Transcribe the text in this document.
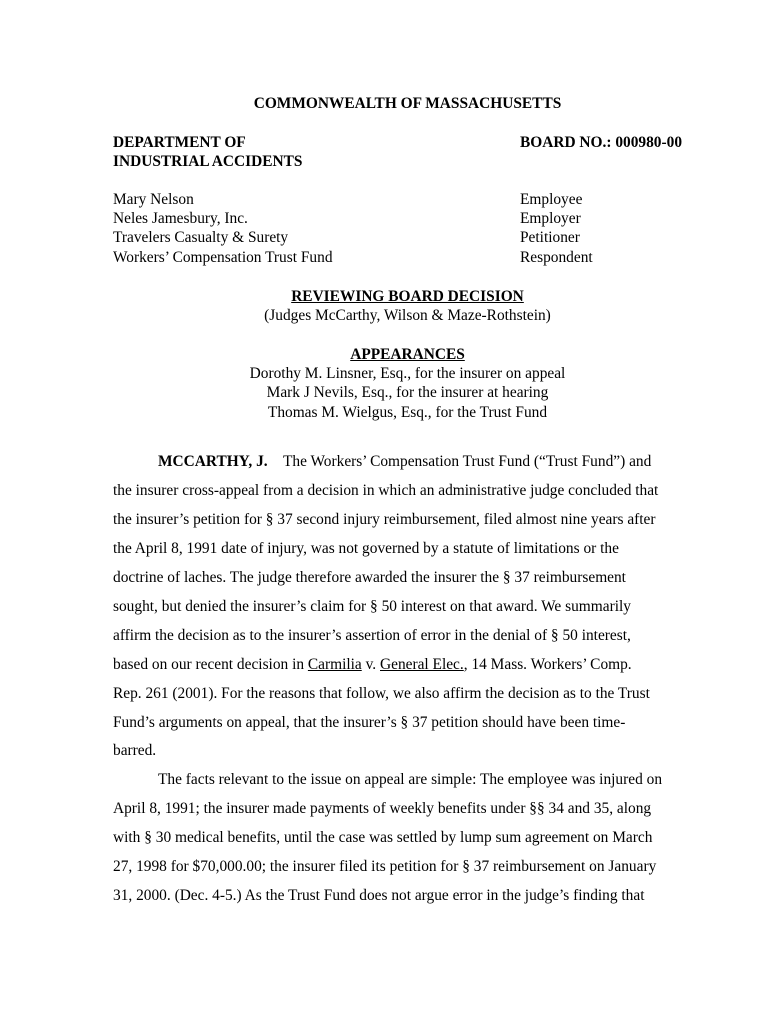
COMMONWEALTH OF MASSACHUSETTS
DEPARTMENT OF
INDUSTRIAL ACCIDENTS
BOARD NO.: 000980-00
Mary Nelson	Employee
Neles Jamesbury, Inc.	Employer
Travelers Casualty & Surety	Petitioner
Workers’ Compensation Trust Fund	Respondent
REVIEWING BOARD DECISION
(Judges McCarthy, Wilson & Maze-Rothstein)
APPEARANCES
Dorothy M. Linsner, Esq., for the insurer on appeal
Mark J Nevils, Esq., for the insurer at hearing
Thomas M. Wielgus, Esq., for the Trust Fund
MCCARTHY, J. The Workers’ Compensation Trust Fund (“Trust Fund”) and
the insurer cross-appeal from a decision in which an administrative judge concluded that
the insurer’s petition for § 37 second injury reimbursement, filed almost nine years after
the April 8, 1991 date of injury, was not governed by a statute of limitations or the
doctrine of laches. The judge therefore awarded the insurer the § 37 reimbursement
sought, but denied the insurer’s claim for § 50 interest on that award. We summarily
affirm the decision as to the insurer’s assertion of error in the denial of § 50 interest,
based on our recent decision in Carmilia v. General Elec., 14 Mass. Workers’ Comp.
Rep. 261 (2001). For the reasons that follow, we also affirm the decision as to the Trust
Fund’s arguments on appeal, that the insurer’s § 37 petition should have been time-
barred.
The facts relevant to the issue on appeal are simple: The employee was injured on
April 8, 1991; the insurer made payments of weekly benefits under §§ 34 and 35, along
with § 30 medical benefits, until the case was settled by lump sum agreement on March
27, 1998 for $70,000.00; the insurer filed its petition for § 37 reimbursement on January
31, 2000. (Dec. 4-5.) As the Trust Fund does not argue error in the judge’s finding that
